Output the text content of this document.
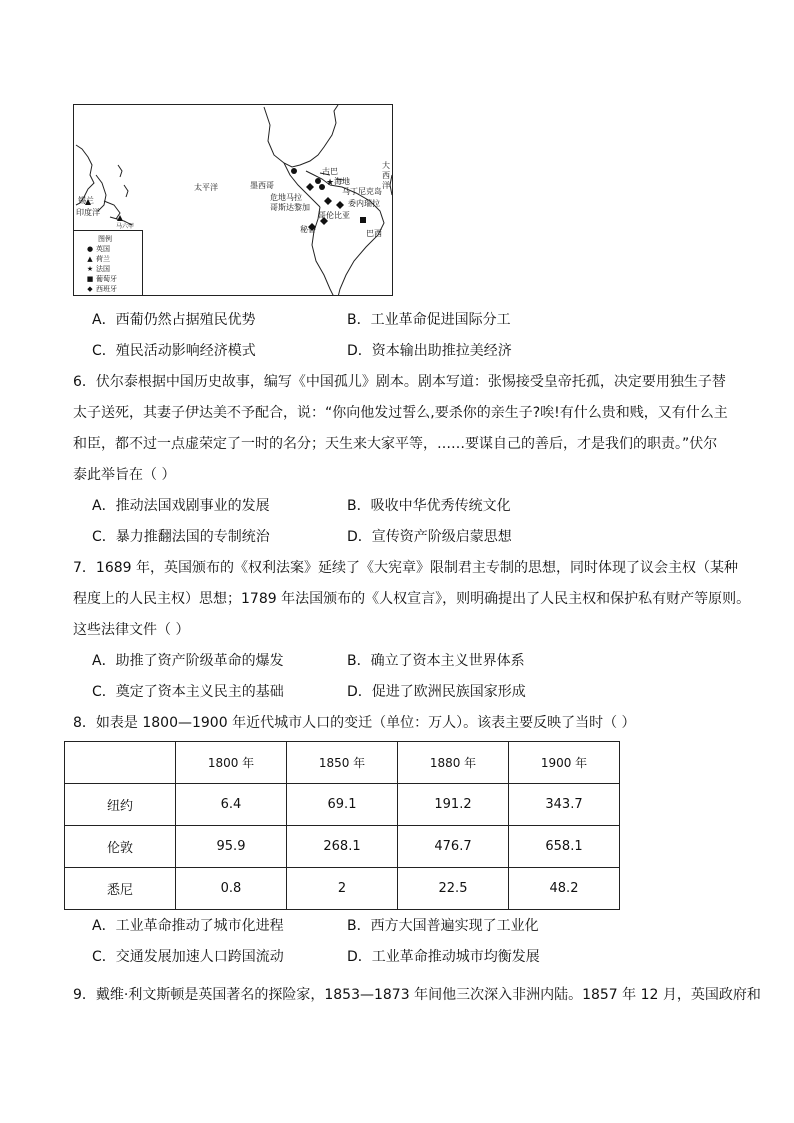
★
太平洋
大西洋
印度洋
锡兰
马六甲
墨西哥
古巴
海地
危地马拉
哥斯达黎加
马丁尼克岛
委内瑞拉
哥伦比亚
秘鲁	巴西
图例
● 英国
▲ 荷兰
★ 法国
■ 葡萄牙
◆ 西班牙
A．西葡仍然占据殖民优势	B．工业革命促进国际分工
C．殖民活动影响经济模式	D．资本输出助推拉美经济
6．伏尔泰根据中国历史故事，编写《中国孤儿》剧本。剧本写道：张惕接受皇帝托孤，决定要用独生子替
太子送死，其妻子伊达美不予配合，说：“你向他发过誓么,要杀你的亲生子?唉!有什么贵和贱，又有什么主
和臣，都不过一点虚荣定了一时的名分；天生来大家平等，……要谋自己的善后，才是我们的职责。”伏尔
泰此举旨在（ ）
A．推动法国戏剧事业的发展	B．吸收中华优秀传统文化
C．暴力推翻法国的专制统治	D．宣传资产阶级启蒙思想
7．1689 年，英国颁布的《权利法案》延续了《大宪章》限制君主专制的思想，同时体现了议会主权（某种
程度上的人民主权）思想；1789 年法国颁布的《人权宣言》，则明确提出了人民主权和保护私有财产等原则。
这些法律文件（ ）
A．助推了资产阶级革命的爆发	B．确立了资本主义世界体系
C．奠定了资本主义民主的基础	D．促进了欧洲民族国家形成
8．如表是 1800—1900 年近代城市人口的变迁（单位：万人）。该表主要反映了当时（ ）
	1800 年	1850 年	1880 年	1900 年
纽约	6.4	69.1	191.2	343.7
伦敦	95.9	268.1	476.7	658.1
悉尼	0.8	2	22.5	48.2
A．工业革命推动了城市化进程	B．西方大国普遍实现了工业化
C．交通发展加速人口跨国流动	D．工业革命推动城市均衡发展
9．戴维·利文斯顿是英国著名的探险家，1853—1873 年间他三次深入非洲内陆。1857 年 12 月，英国政府和
